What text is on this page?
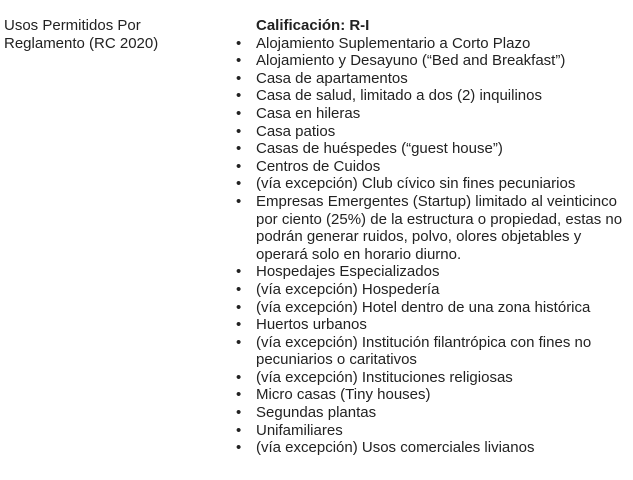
Usos Permitidos Por Reglamento (RC 2020)
Calificación: R-I
• Alojamiento Suplementario a Corto Plazo
• Alojamiento y Desayuno (“Bed and Breakfast”)
• Casa de apartamentos
• Casa de salud, limitado a dos (2) inquilinos
• Casa en hileras
• Casa patios
• Casas de huéspedes (“guest house”)
• Centros de Cuidos
• (vía excepción) Club cívico sin fines pecuniarios
• Empresas Emergentes (Startup) limitado al veinticinco por ciento (25%) de la estructura o propiedad, estas no podrán generar ruidos, polvo, olores objetables y operará solo en horario diurno.
• Hospedajes Especializados
• (vía excepción) Hospedería
• (vía excepción) Hotel dentro de una zona histórica
• Huertos urbanos
• (vía excepción) Institución filantrópica con fines no pecuniarios o caritativos
• (vía excepción) Instituciones religiosas
• Micro casas (Tiny houses)
• Segundas plantas
• Unifamiliares
• (vía excepción) Usos comerciales livianos
